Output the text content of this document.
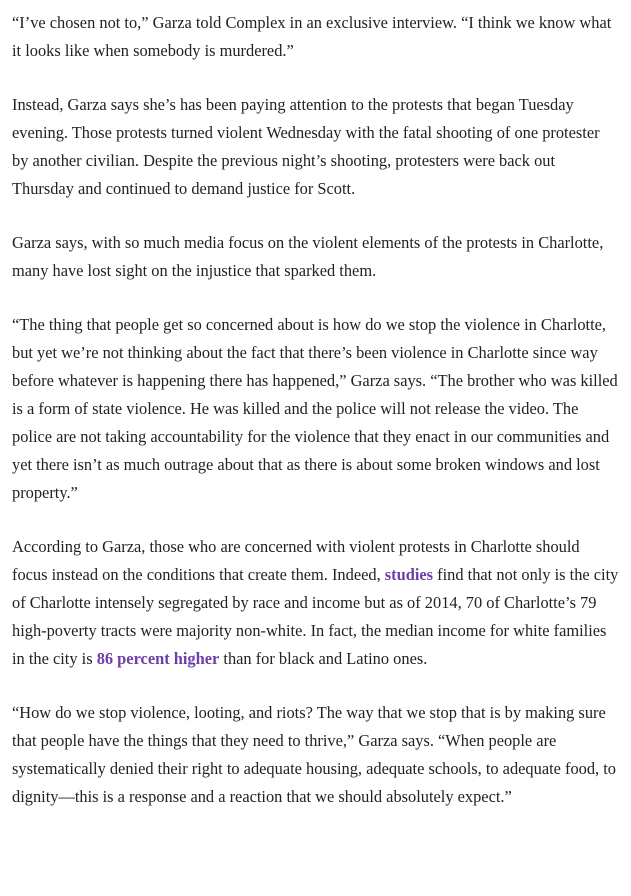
“I’ve chosen not to,” Garza told Complex in an exclusive interview. “I think we know what it looks like when somebody is murdered.”

Instead, Garza says she’s has been paying attention to the protests that began Tuesday evening. Those protests turned violent Wednesday with the fatal shooting of one protester by another civilian. Despite the previous night’s shooting, protesters were back out Thursday and continued to demand justice for Scott.

Garza says, with so much media focus on the violent elements of the protests in Charlotte, many have lost sight on the injustice that sparked them.

“The thing that people get so concerned about is how do we stop the violence in Charlotte, but yet we’re not thinking about the fact that there’s been violence in Charlotte since way before whatever is happening there has happened,” Garza says. “The brother who was killed is a form of state violence. He was killed and the police will not release the video. The police are not taking accountability for the violence that they enact in our communities and yet there isn’t as much outrage about that as there is about some broken windows and lost property.”

According to Garza, those who are concerned with violent protests in Charlotte should focus instead on the conditions that create them. Indeed, studies find that not only is the city of Charlotte intensely segregated by race and income but as of 2014, 70 of Charlotte’s 79 high-poverty tracts were majority non-white. In fact, the median income for white families in the city is 86 percent higher than for black and Latino ones.

“How do we stop violence, looting, and riots? The way that we stop that is by making sure that people have the things that they need to thrive,” Garza says. “When people are systematically denied their right to adequate housing, adequate schools, to adequate food, to dignity—this is a response and a reaction that we should absolutely expect.”
